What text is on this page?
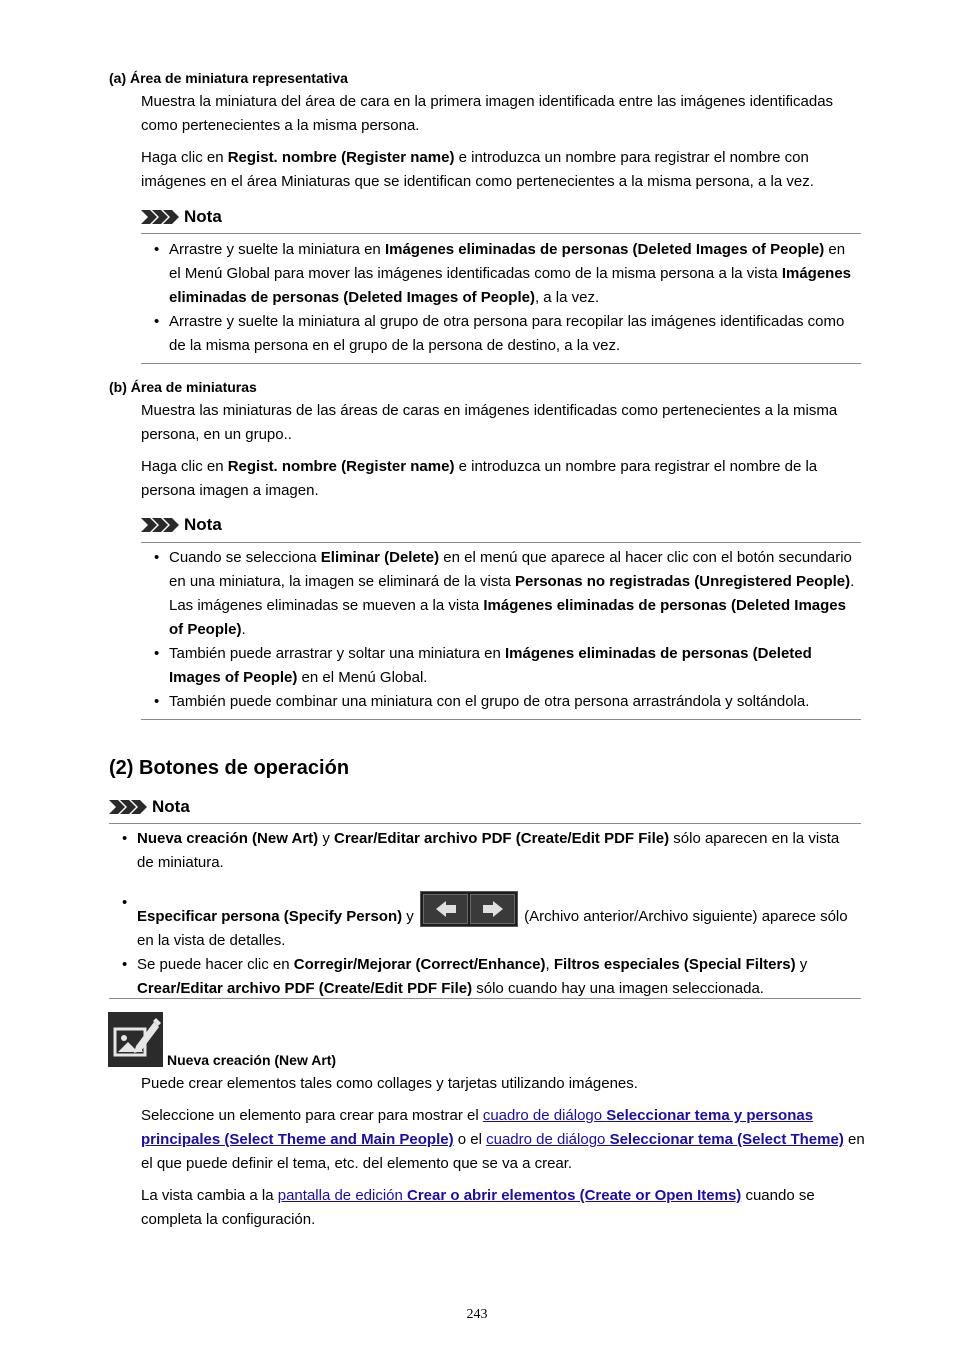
(a) Área de miniatura representativa

Muestra la miniatura del área de cara en la primera imagen identificada entre las imágenes identificadas como pertenecientes a la misma persona.

Haga clic en Regist. nombre (Register name) e introduzca un nombre para registrar el nombre con imágenes en el área Miniaturas que se identifican como pertenecientes a la misma persona, a la vez.

Nota
• Arrastre y suelte la miniatura en Imágenes eliminadas de personas (Deleted Images of People) en el Menú Global para mover las imágenes identificadas como de la misma persona a la vista Imágenes eliminadas de personas (Deleted Images of People), a la vez.
• Arrastre y suelte la miniatura al grupo de otra persona para recopilar las imágenes identificadas como de la misma persona en el grupo de la persona de destino, a la vez.
(b) Área de miniaturas

Muestra las miniaturas de las áreas de caras en imágenes identificadas como pertenecientes a la misma persona, en un grupo..

Haga clic en Regist. nombre (Register name) e introduzca un nombre para registrar el nombre de la persona imagen a imagen.

Nota
• Cuando se selecciona Eliminar (Delete) en el menú que aparece al hacer clic con el botón secundario en una miniatura, la imagen se eliminará de la vista Personas no registradas (Unregistered People). Las imágenes eliminadas se mueven a la vista Imágenes eliminadas de personas (Deleted Images of People).
• También puede arrastrar y soltar una miniatura en Imágenes eliminadas de personas (Deleted Images of People) en el Menú Global.
• También puede combinar una miniatura con el grupo de otra persona arrastrándola y soltándola.
(2) Botones de operación
Nota
• Nueva creación (New Art) y Crear/Editar archivo PDF (Create/Edit PDF File) sólo aparecen en la vista de miniatura.
• Especificar persona (Specify Person) y	(Archivo anterior/Archivo siguiente) aparece sólo en la vista de detalles.
• Se puede hacer clic en Corregir/Mejorar (Correct/Enhance), Filtros especiales (Special Filters) y Crear/Editar archivo PDF (Create/Edit PDF File) sólo cuando hay una imagen seleccionada.
Nueva creación (New Art)

Puede crear elementos tales como collages y tarjetas utilizando imágenes.

Seleccione un elemento para crear para mostrar el cuadro de diálogo Seleccionar tema y personas principales (Select Theme and Main People) o el cuadro de diálogo Seleccionar tema (Select Theme) en el que puede definir el tema, etc. del elemento que se va a crear.

La vista cambia a la pantalla de edición Crear o abrir elementos (Create or Open Items) cuando se completa la configuración.

243
